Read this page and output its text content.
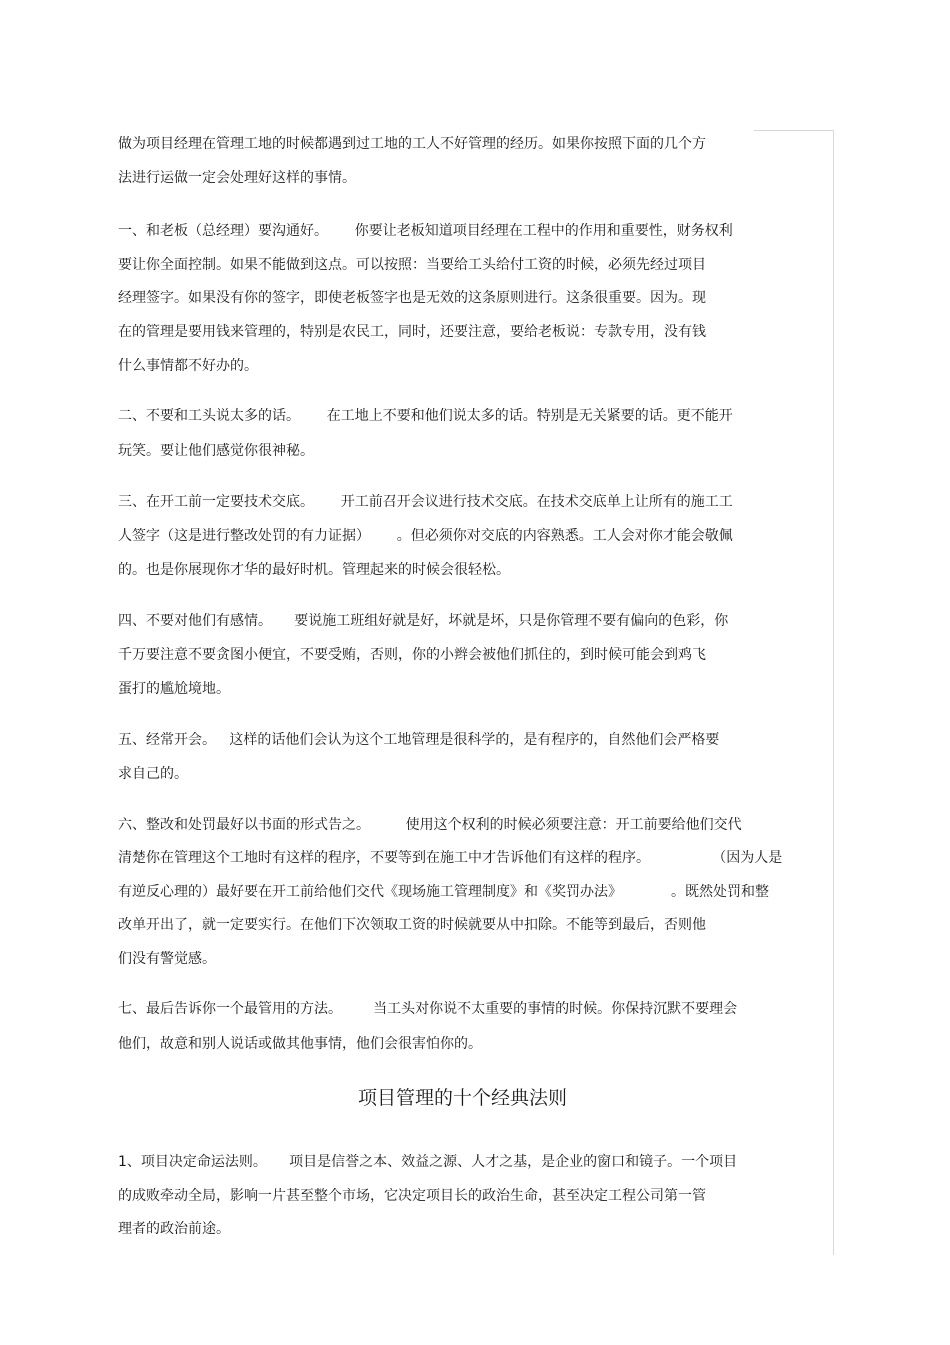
做为项目经理在管理工地的时候都遇到过工地的工人不好管理的经历。如果你按照下面的几个方
法进行运做一定会处理好这样的事情。
一、和老板（总经理）要沟通好。      你要让老板知道项目经理在工程中的作用和重要性，财务权利
要让你全面控制。如果不能做到这点。可以按照：当要给工头给付工资的时候，必须先经过项目
经理签字。如果没有你的签字，即使老板签字也是无效的这条原则进行。这条很重要。因为。现
在的管理是要用钱来管理的，特别是农民工，同时，还要注意，要给老板说：专款专用，没有钱
什么事情都不好办的。
二、不要和工头说太多的话。      在工地上不要和他们说太多的话。特别是无关紧要的话。更不能开
玩笑。要让他们感觉你很神秘。
三、在开工前一定要技术交底。      开工前召开会议进行技术交底。在技术交底单上让所有的施工工
人签字（这是进行整改处罚的有力证据）      。但必须你对交底的内容熟悉。工人会对你才能会敬佩
的。也是你展现你才华的最好时机。管理起来的时候会很轻松。
四、不要对他们有感情。     要说施工班组好就是好，坏就是坏，只是你管理不要有偏向的色彩，你
千万要注意不要贪图小便宜，不要受贿，否则，你的小辫会被他们抓住的，到时候可能会到鸡飞
蛋打的尴尬境地。
五、经常开会。   这样的话他们会认为这个工地管理是很科学的，是有程序的，自然他们会严格要
求自己的。
六、整改和处罚最好以书面的形式告之。        使用这个权利的时候必须要注意：开工前要给他们交代
清楚你在管理这个工地时有这样的程序，不要等到在施工中才告诉他们有这样的程序。              （因为人是
有逆反心理的）最好要在开工前给他们交代《现场施工管理制度》和《奖罚办法》           。既然处罚和整
改单开出了，就一定要实行。在他们下次领取工资的时候就要从中扣除。不能等到最后，否则他
们没有警觉感。
七、最后告诉你一个最管用的方法。       当工头对你说不太重要的事情的时候。你保持沉默不要理会
他们，故意和别人说话或做其他事情，他们会很害怕你的。
项目管理的十个经典法则
1、项目决定命运法则。     项目是信誉之本、效益之源、人才之基，是企业的窗口和镜子。一个项目
的成败牵动全局，影响一片甚至整个市场，它决定项目长的政治生命，甚至决定工程公司第一管
理者的政治前途。
